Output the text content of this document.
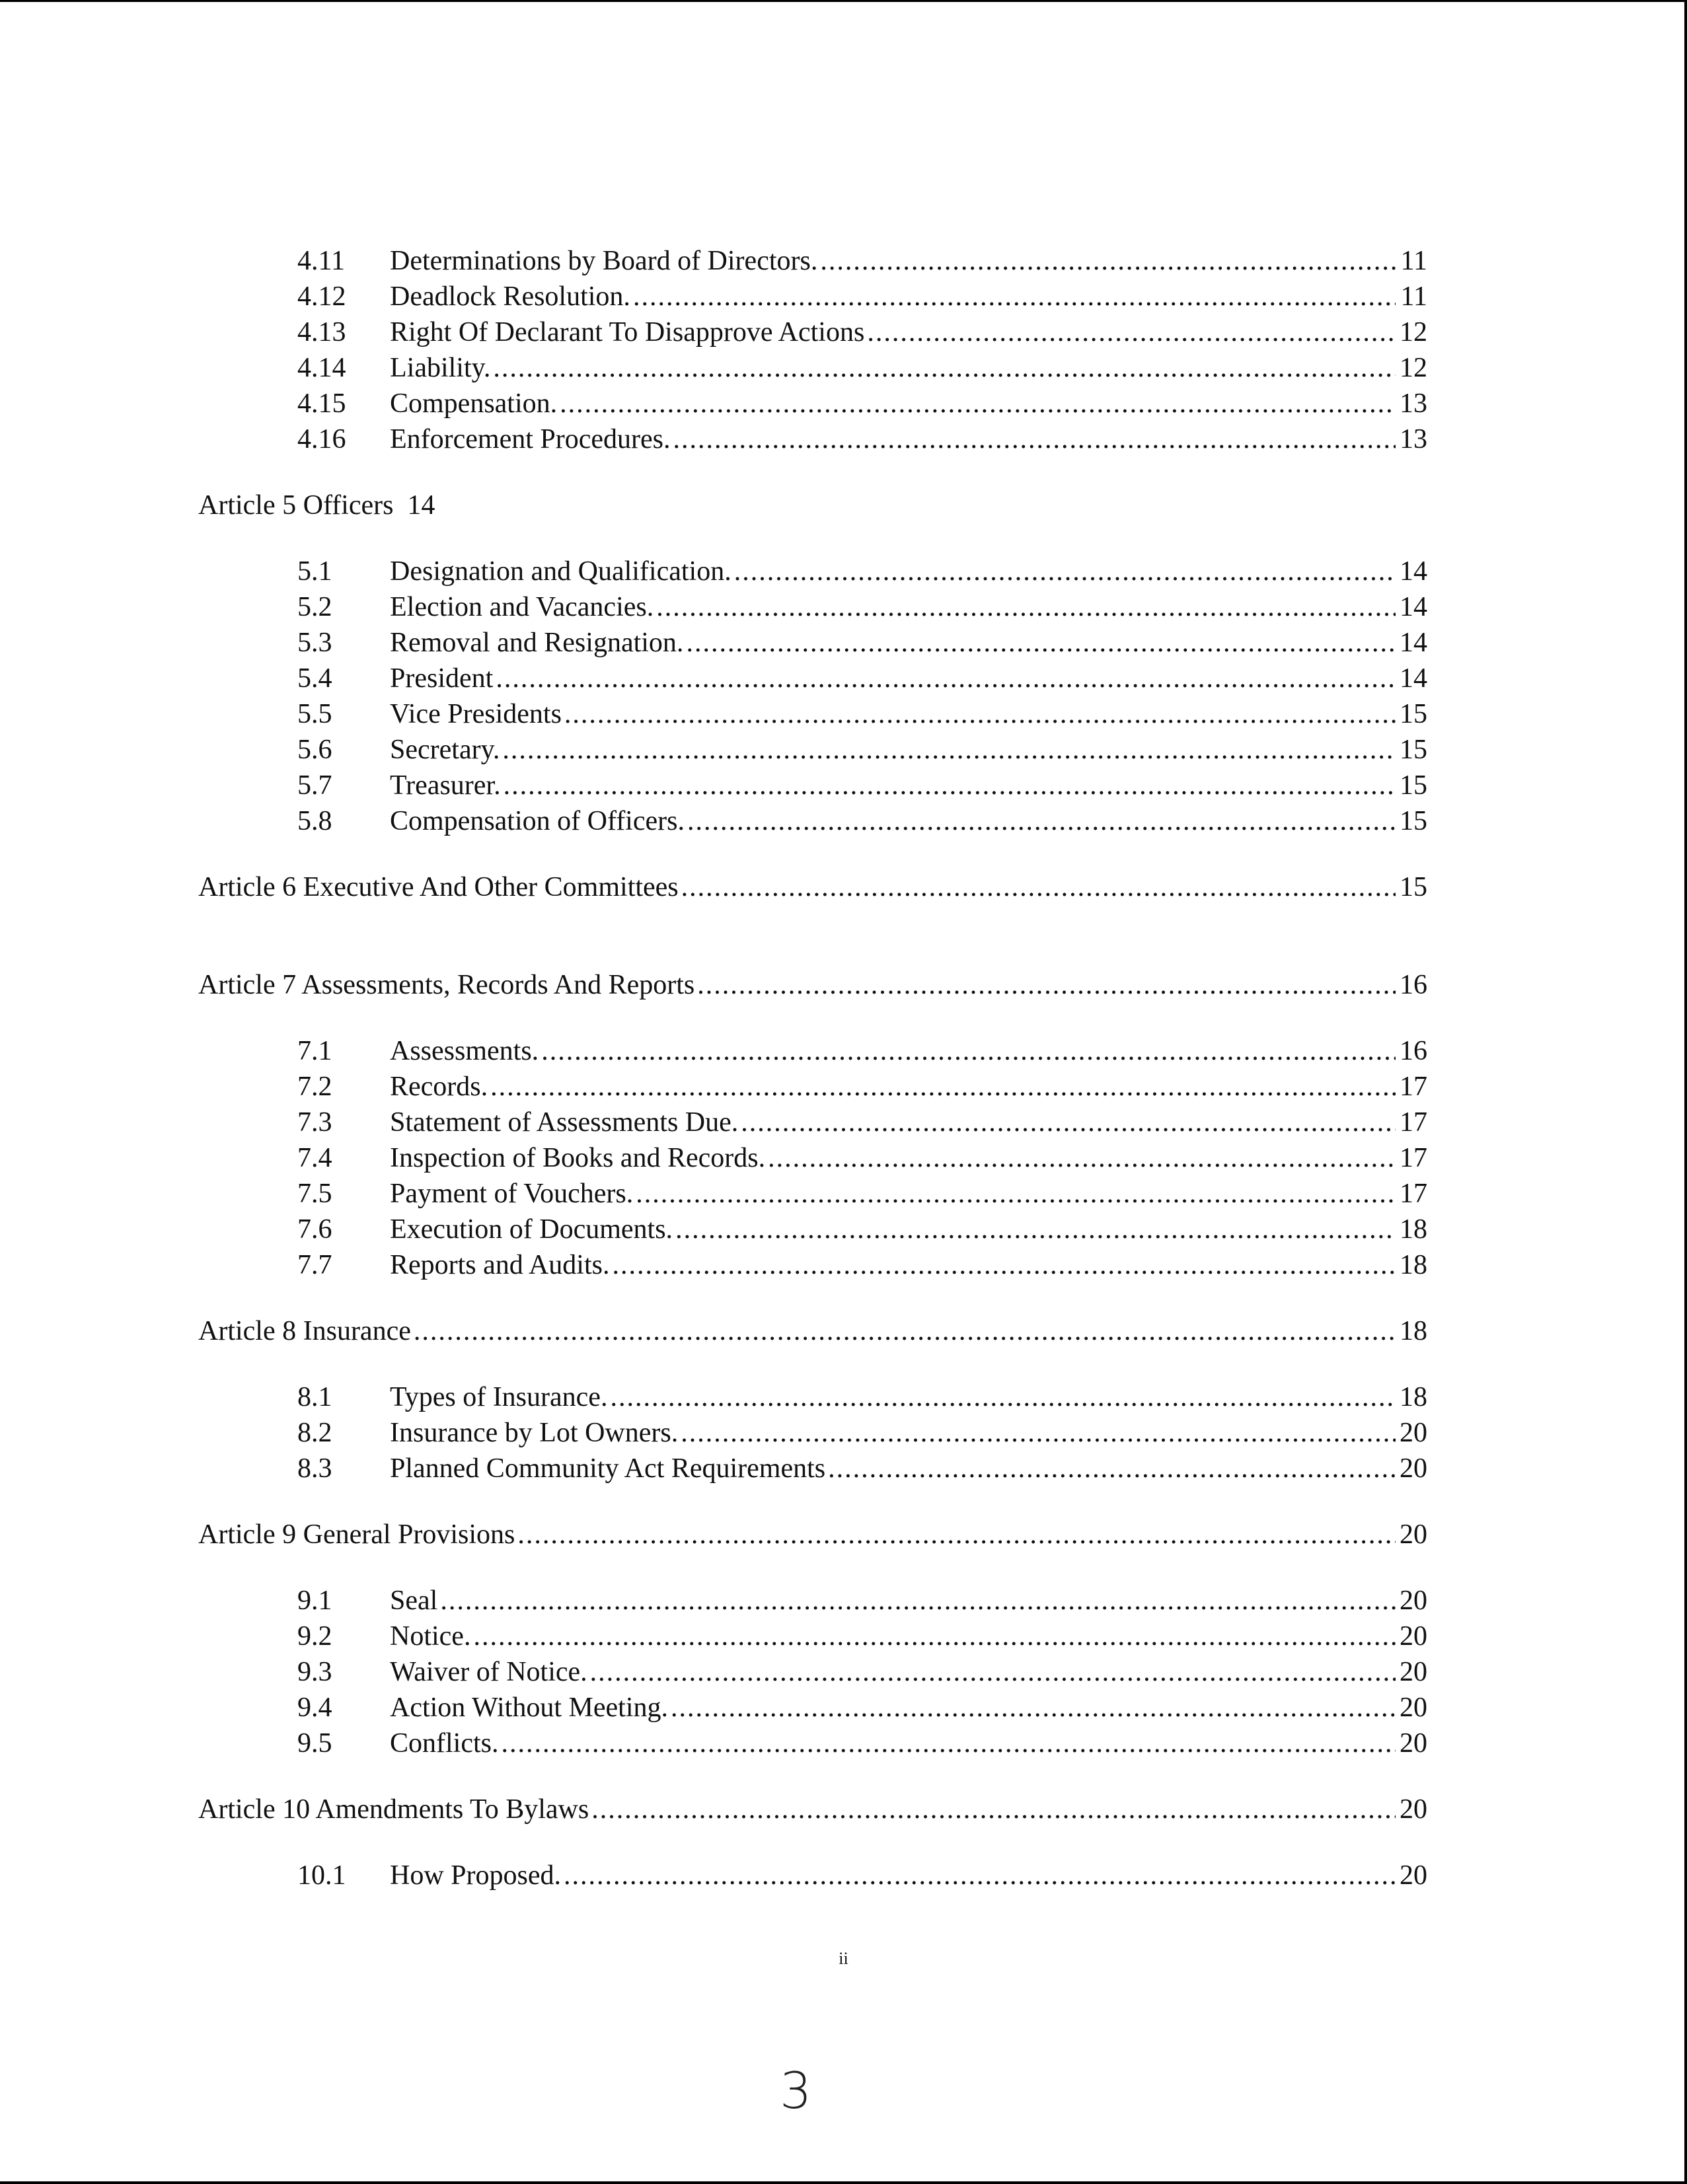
4.11	Determinations by Board of Directors. .....	11
4.12	Deadlock Resolution. .....	11
4.13	Right Of Declarant To Disapprove Actions .....	12
4.14	Liability. .....	12
4.15	Compensation. .....	13
4.16	Enforcement Procedures. .....	13
Article 5 Officers  14
5.1	Designation and Qualification. .....	14
5.2	Election and Vacancies. .....	14
5.3	Removal and Resignation. .....	14
5.4	President .....	14
5.5	Vice Presidents .....	15
5.6	Secretary. .....	15
5.7	Treasurer. .....	15
5.8	Compensation of Officers. .....	15
Article 6 Executive And Other Committees .....	15
Article 7 Assessments, Records And Reports .....	16
7.1	Assessments. .....	16
7.2	Records. .....	17
7.3	Statement of Assessments Due. .....	17
7.4	Inspection of Books and Records. .....	17
7.5	Payment of Vouchers. .....	17
7.6	Execution of Documents. .....	18
7.7	Reports and Audits. .....	18
Article 8 Insurance .....	18
8.1	Types of Insurance. .....	18
8.2	Insurance by Lot Owners. .....	20
8.3	Planned Community Act Requirements .....	20
Article 9 General Provisions .....	20
9.1	Seal .....	20
9.2	Notice. .....	20
9.3	Waiver of Notice. .....	20
9.4	Action Without Meeting. .....	20
9.5	Conflicts. .....	20
Article 10 Amendments To Bylaws .....	20
10.1	How Proposed. .....	20
ii
3
